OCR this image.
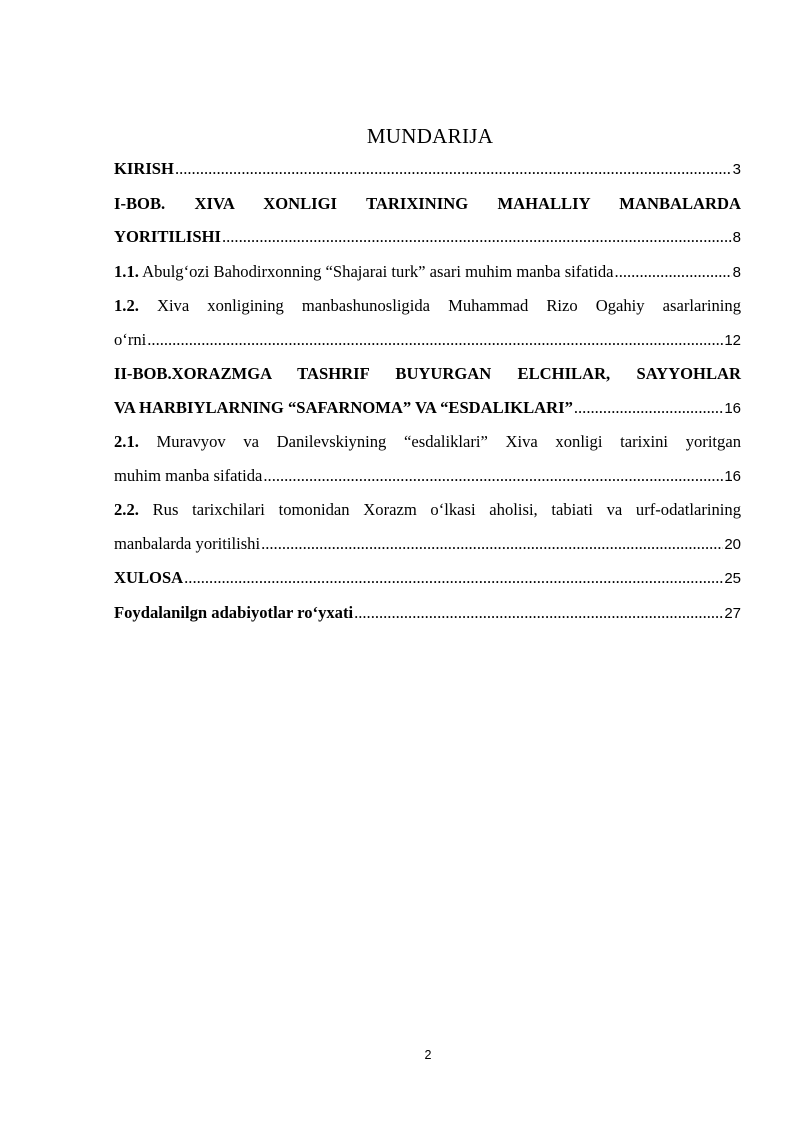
MUNDARIJA
KIRISH .....	3
I-BOB. XIVA XONLIGI TARIXINING MAHALLIY MANBALARDA
YORITILISHI .....	8
1.1. Abulg‘ozi Bahodirxonning “Shajarai turk” asari muhim manba sifatida .....	8
1.2. Xiva xonligining manbashunosligida Muhammad Rizo Ogahiy asarlarining
o‘rni .....	12
II-BOB.XORAZMGA TASHRIF BUYURGAN ELCHILAR, SAYYOHLAR
VA HARBIYLARNING “SAFARNOMA” VA “ESDALIKLARI” .....	16
2.1. Muravyov va Danilevskiyning “esdaliklari” Xiva xonligi tarixini yoritgan
muhim manba sifatida .....	16
2.2. Rus tarixchilari tomonidan Xorazm o‘lkasi aholisi, tabiati va urf-odatlarining
manbalarda yoritilishi .....	20
XULOSA .....	25
Foydalanilgn adabiyotlar ro‘yxati .....	27
2
